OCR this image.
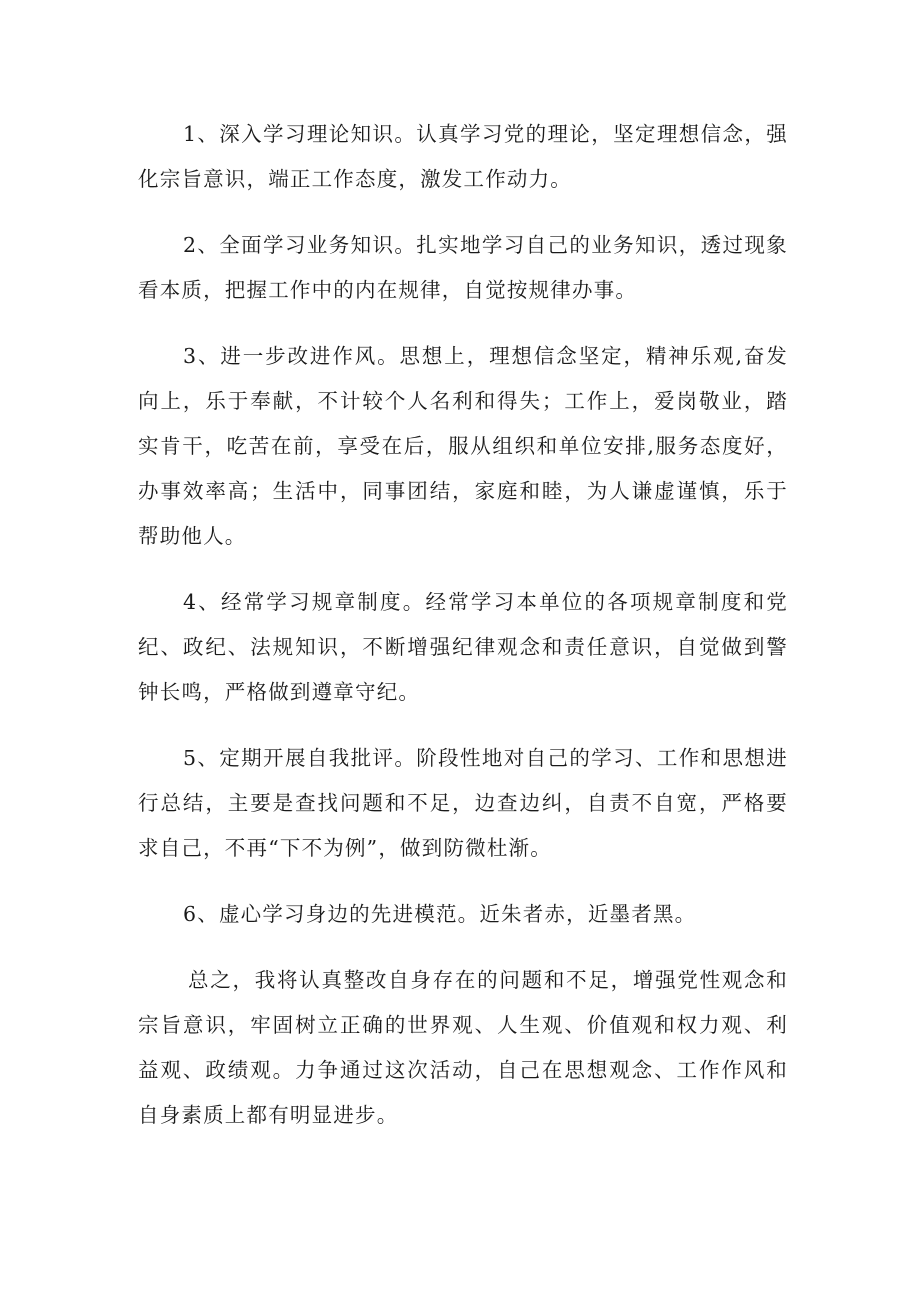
1、深入学习理论知识。认真学习党的理论，坚定理想信念，强化宗旨意识，端正工作态度，激发工作动力。

2、全面学习业务知识。扎实地学习自己的业务知识，透过现象看本质，把握工作中的内在规律，自觉按规律办事。

3、进一步改进作风。思想上，理想信念坚定，精神乐观,奋发向上，乐于奉献，不计较个人名利和得失；工作上，爱岗敬业，踏实肯干，吃苦在前，享受在后，服从组织和单位安排,服务态度好，办事效率高；生活中，同事团结，家庭和睦，为人谦虚谨慎，乐于帮助他人。

4、经常学习规章制度。经常学习本单位的各项规章制度和党纪、政纪、法规知识，不断增强纪律观念和责任意识，自觉做到警钟长鸣，严格做到遵章守纪。

5、定期开展自我批评。阶段性地对自己的学习、工作和思想进行总结，主要是查找问题和不足，边查边纠，自责不自宽，严格要求自己，不再“下不为例”，做到防微杜渐。

6、虚心学习身边的先进模范。近朱者赤，近墨者黑。

总之，我将认真整改自身存在的问题和不足，增强党性观念和宗旨意识，牢固树立正确的世界观、人生观、价值观和权力观、利益观、政绩观。力争通过这次活动，自己在思想观念、工作作风和自身素质上都有明显进步。
